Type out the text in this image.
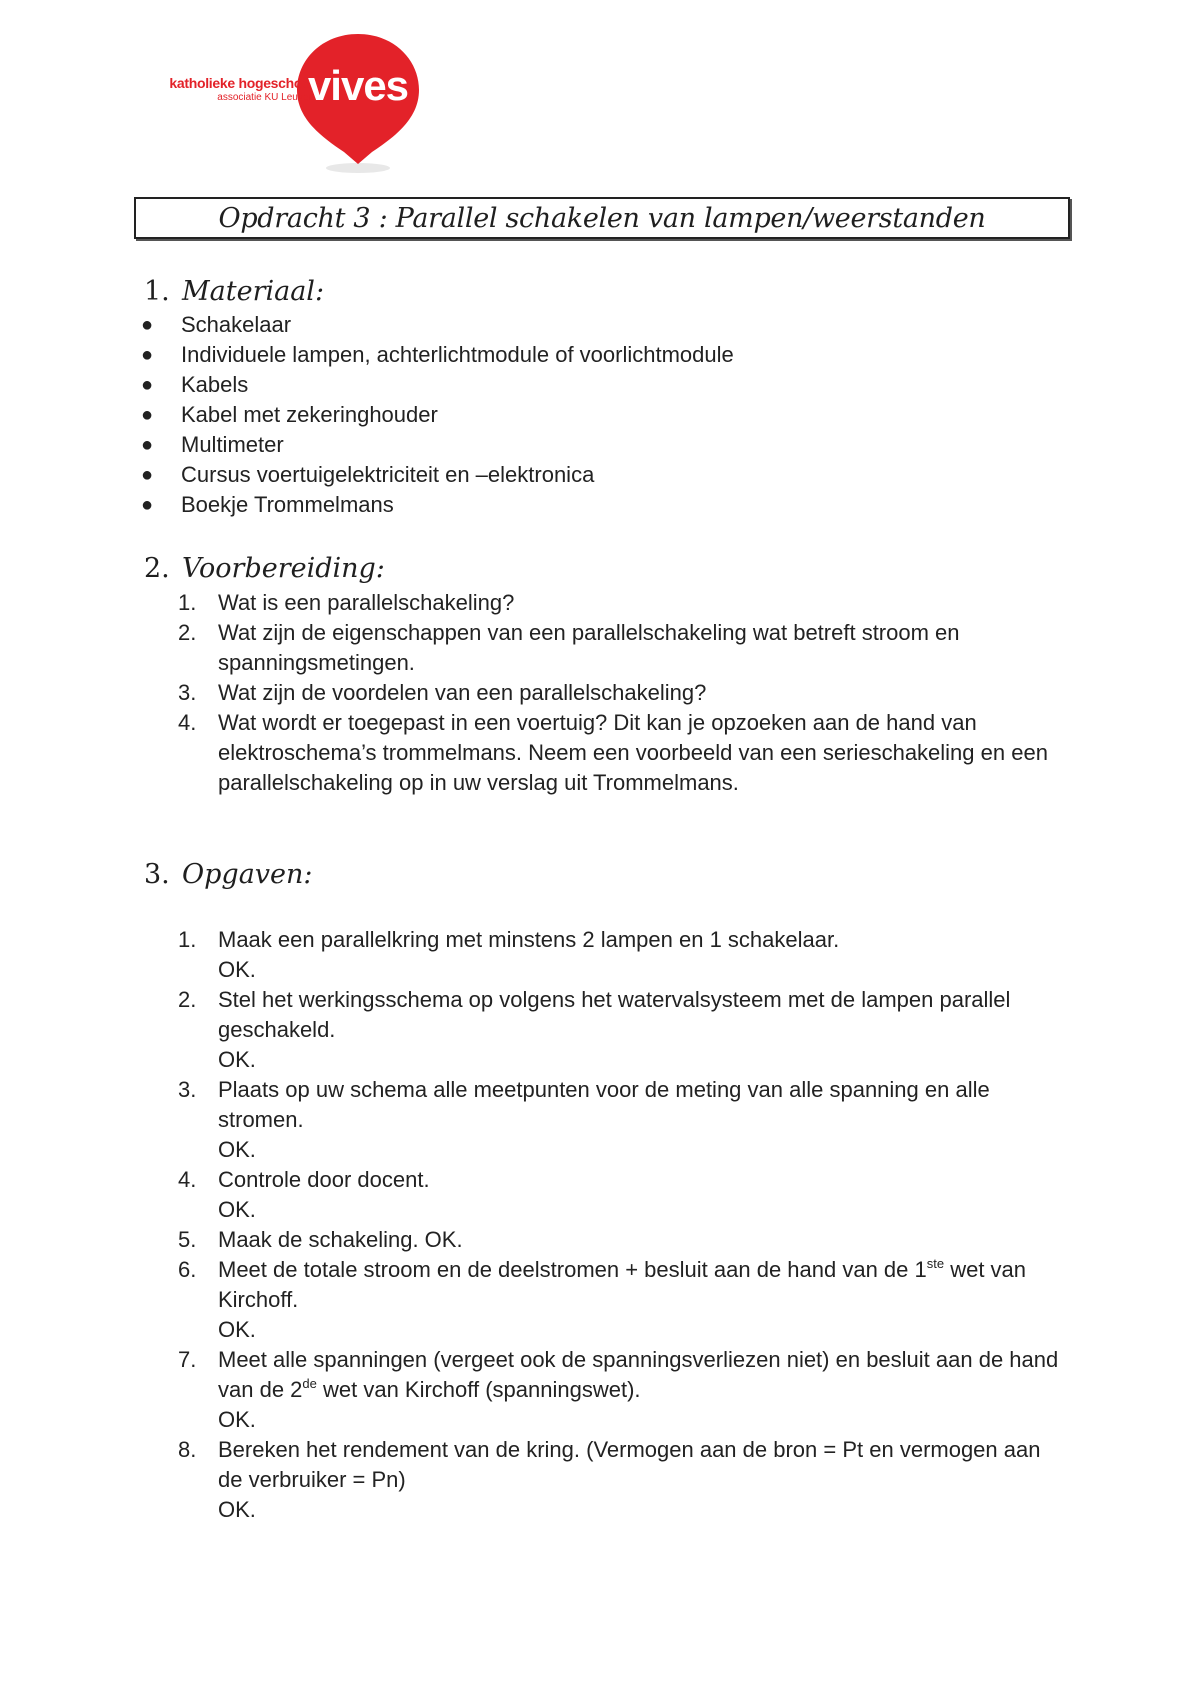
katholieke hogeschool
associatie KU Leuven
vives
Opdracht 3 : Parallel schakelen van lampen/weerstanden
1. Materiaal:
● Schakelaar
● Individuele lampen, achterlichtmodule of voorlichtmodule
● Kabels
● Kabel met zekeringhouder
● Multimeter
● Cursus voertuigelektriciteit en –elektronica
● Boekje Trommelmans
2. Voorbereiding:
1. Wat is een parallelschakeling?
2. Wat zijn de eigenschappen van een parallelschakeling wat betreft stroom en spanningsmetingen.
3. Wat zijn de voordelen van een parallelschakeling?
4. Wat wordt er toegepast in een voertuig? Dit kan je opzoeken aan de hand van elektroschema’s trommelmans. Neem een voorbeeld van een serieschakeling en een parallelschakeling op in uw verslag uit Trommelmans.
3. Opgaven:
1. Maak een parallelkring met minstens 2 lampen en 1 schakelaar.
OK.
2. Stel het werkingsschema op volgens het watervalsysteem met de lampen parallel geschakeld.
OK.
3. Plaats op uw schema alle meetpunten voor de meting van alle spanning en alle stromen.
OK.
4. Controle door docent.
OK.
5. Maak de schakeling. OK.
6. Meet de totale stroom en de deelstromen + besluit aan de hand van de 1ste wet van Kirchoff.
OK.
7. Meet alle spanningen (vergeet ook de spanningsverliezen niet) en besluit aan de hand van de 2de wet van Kirchoff (spanningswet).
OK.
8. Bereken het rendement van de kring. (Vermogen aan de bron = Pt en vermogen aan de verbruiker = Pn)
OK.
